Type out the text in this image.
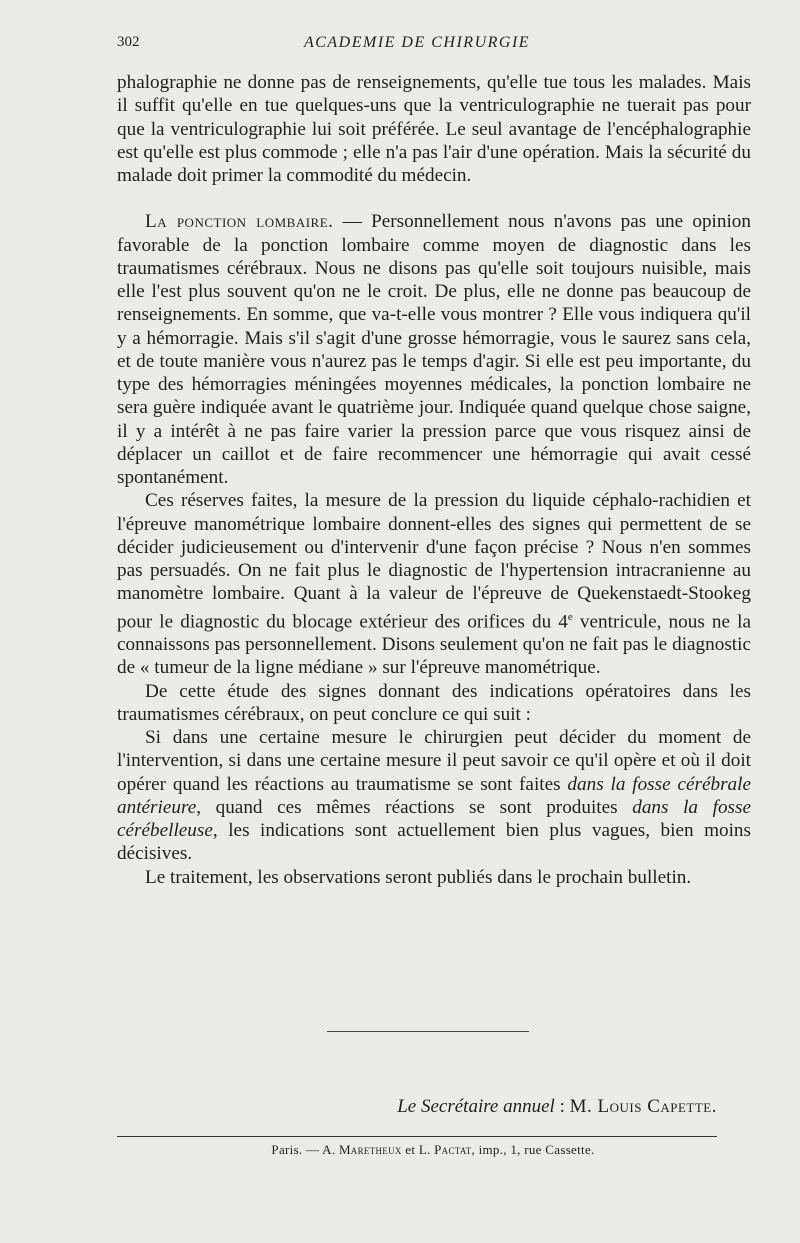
302	ACADEMIE DE CHIRURGIE

phalographie ne donne pas de renseignements, qu'elle tue tous les malades. Mais il suffit qu'elle en tue quelques-uns que la ventriculographie ne tuerait pas pour que la ventriculographie lui soit préférée. Le seul avantage de l'encéphalographie est qu'elle est plus commode ; elle n'a pas l'air d'une opération. Mais la sécurité du malade doit primer la commodité du médecin.

La ponction lombaire. — Personnellement nous n'avons pas une opinion favorable de la ponction lombaire comme moyen de diagnostic dans les traumatismes cérébraux. Nous ne disons pas qu'elle soit toujours nuisible, mais elle l'est plus souvent qu'on ne le croit. De plus, elle ne donne pas beaucoup de renseignements. En somme, que va-t-elle vous montrer ? Elle vous indiquera qu'il y a hémorragie. Mais s'il s'agit d'une grosse hémorragie, vous le saurez sans cela, et de toute manière vous n'aurez pas le temps d'agir. Si elle est peu importante, du type des hémorragies méningées moyennes médicales, la ponction lombaire ne sera guère indiquée avant le quatrième jour. Indiquée quand quelque chose saigne, il y a intérêt à ne pas faire varier la pression parce que vous risquez ainsi de déplacer un caillot et de faire recommencer une hémorragie qui avait cessé spontanément.

Ces réserves faites, la mesure de la pression du liquide céphalo-rachidien et l'épreuve manométrique lombaire donnent-elles des signes qui permettent de se décider judicieusement ou d'intervenir d'une façon précise ? Nous n'en sommes pas persuadés. On ne fait plus le diagnostic de l'hypertension intracranienne au manomètre lombaire. Quant à la valeur de l'épreuve de Quekenstaedt-Stookeg pour le diagnostic du blocage extérieur des orifices du 4e ventricule, nous ne la connaissons pas personnellement. Disons seulement qu'on ne fait pas le diagnostic de « tumeur de la ligne médiane » sur l'épreuve manométrique.

De cette étude des signes donnant des indications opératoires dans les traumatismes cérébraux, on peut conclure ce qui suit :

Si dans une certaine mesure le chirurgien peut décider du moment de l'intervention, si dans une certaine mesure il peut savoir ce qu'il opère et où il doit opérer quand les réactions au traumatisme se sont faites dans la fosse cérébrale antérieure, quand ces mêmes réactions se sont produites dans la fosse cérébelleuse, les indications sont actuellement bien plus vagues, bien moins décisives.

Le traitement, les observations seront publiés dans le prochain bulletin.

Le Secrétaire annuel : M. Louis Capette.
Paris. — A. Maretheux et L. Pactat, imp., 1, rue Cassette.
